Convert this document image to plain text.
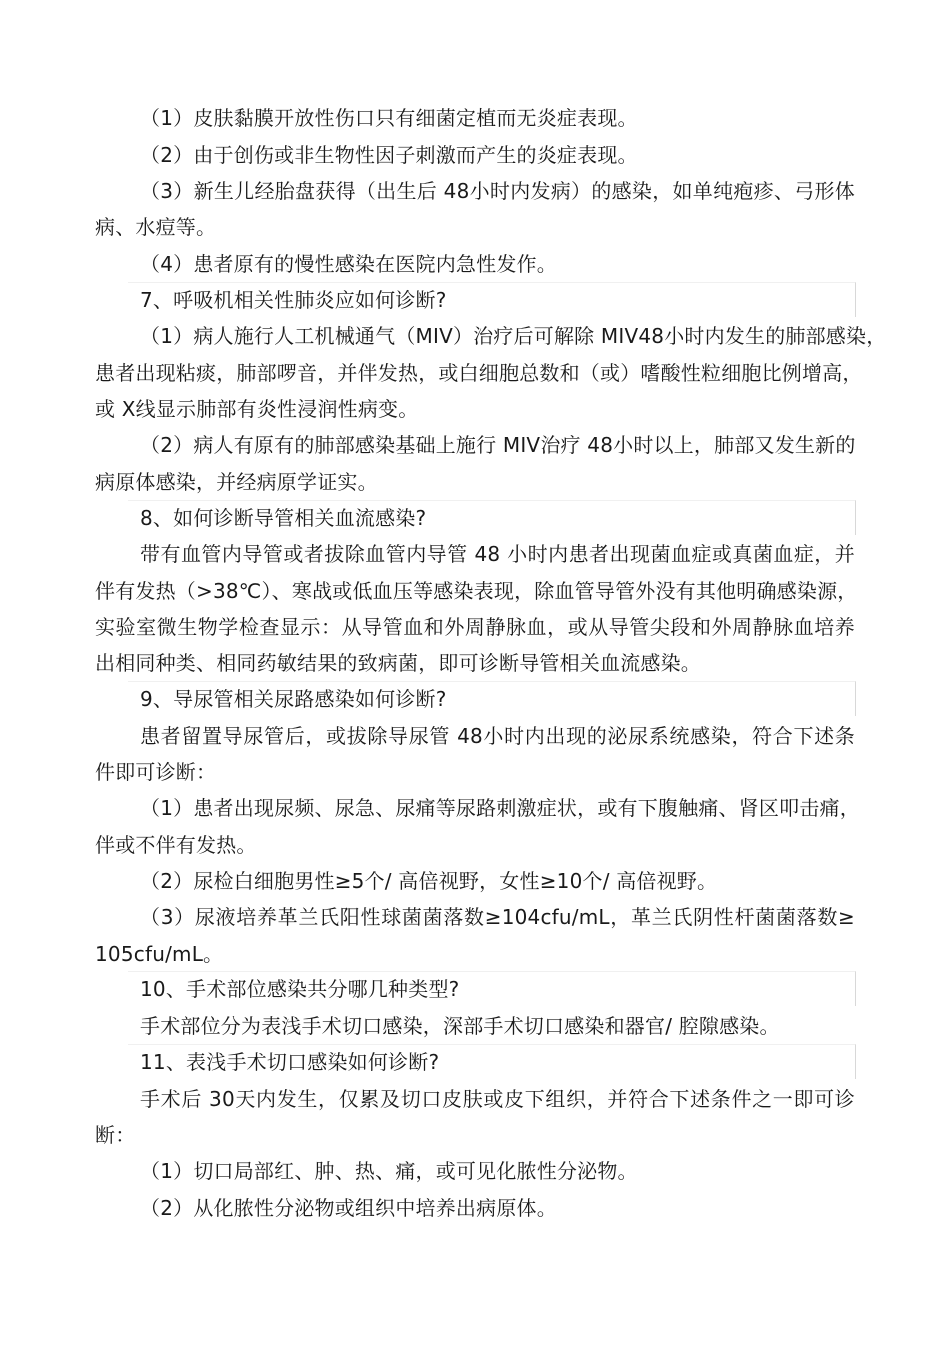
（1）皮肤黏膜开放性伤口只有细菌定植而无炎症表现。
（2）由于创伤或非生物性因子刺激而产生的炎症表现。
（3）新生儿经胎盘获得（出生后 48小时内发病）的感染，如单纯疱疹、弓形体
病、水痘等。
（4）患者原有的慢性感染在医院内急性发作。
7、呼吸机相关性肺炎应如何诊断?
（1）病人施行人工机械通气（MIV）治疗后可解除 MIV48小时内发生的肺部感染，
患者出现粘痰，肺部啰音，并伴发热，或白细胞总数和（或）嗜酸性粒细胞比例增高，
或 X线显示肺部有炎性浸润性病变。
（2）病人有原有的肺部感染基础上施行 MIV治疗 48小时以上，肺部又发生新的
病原体感染，并经病原学证实。
8、如何诊断导管相关血流感染?
带有血管内导管或者拔除血管内导管 48 小时内患者出现菌血症或真菌血症，并
伴有发热（>38℃）、寒战或低血压等感染表现，除血管导管外没有其他明确感染源，
实验室微生物学检查显示：从导管血和外周静脉血，或从导管尖段和外周静脉血培养
出相同种类、相同药敏结果的致病菌，即可诊断导管相关血流感染。
9、导尿管相关尿路感染如何诊断?
患者留置导尿管后，或拔除导尿管 48小时内出现的泌尿系统感染，符合下述条
件即可诊断：
（1）患者出现尿频、尿急、尿痛等尿路刺激症状，或有下腹触痛、肾区叩击痛，
伴或不伴有发热。
（2）尿检白细胞男性≥5个/ 高倍视野，女性≥10个/ 高倍视野。
（3）尿液培养革兰氏阳性球菌菌落数≥104cfu/mL，革兰氏阴性杆菌菌落数≥
105cfu/mL。
10、手术部位感染共分哪几种类型?
手术部位分为表浅手术切口感染，深部手术切口感染和器官/ 腔隙感染。
11、表浅手术切口感染如何诊断?
手术后 30天内发生，仅累及切口皮肤或皮下组织，并符合下述条件之一即可诊
断：
（1）切口局部红、肿、热、痛，或可见化脓性分泌物。
（2）从化脓性分泌物或组织中培养出病原体。
